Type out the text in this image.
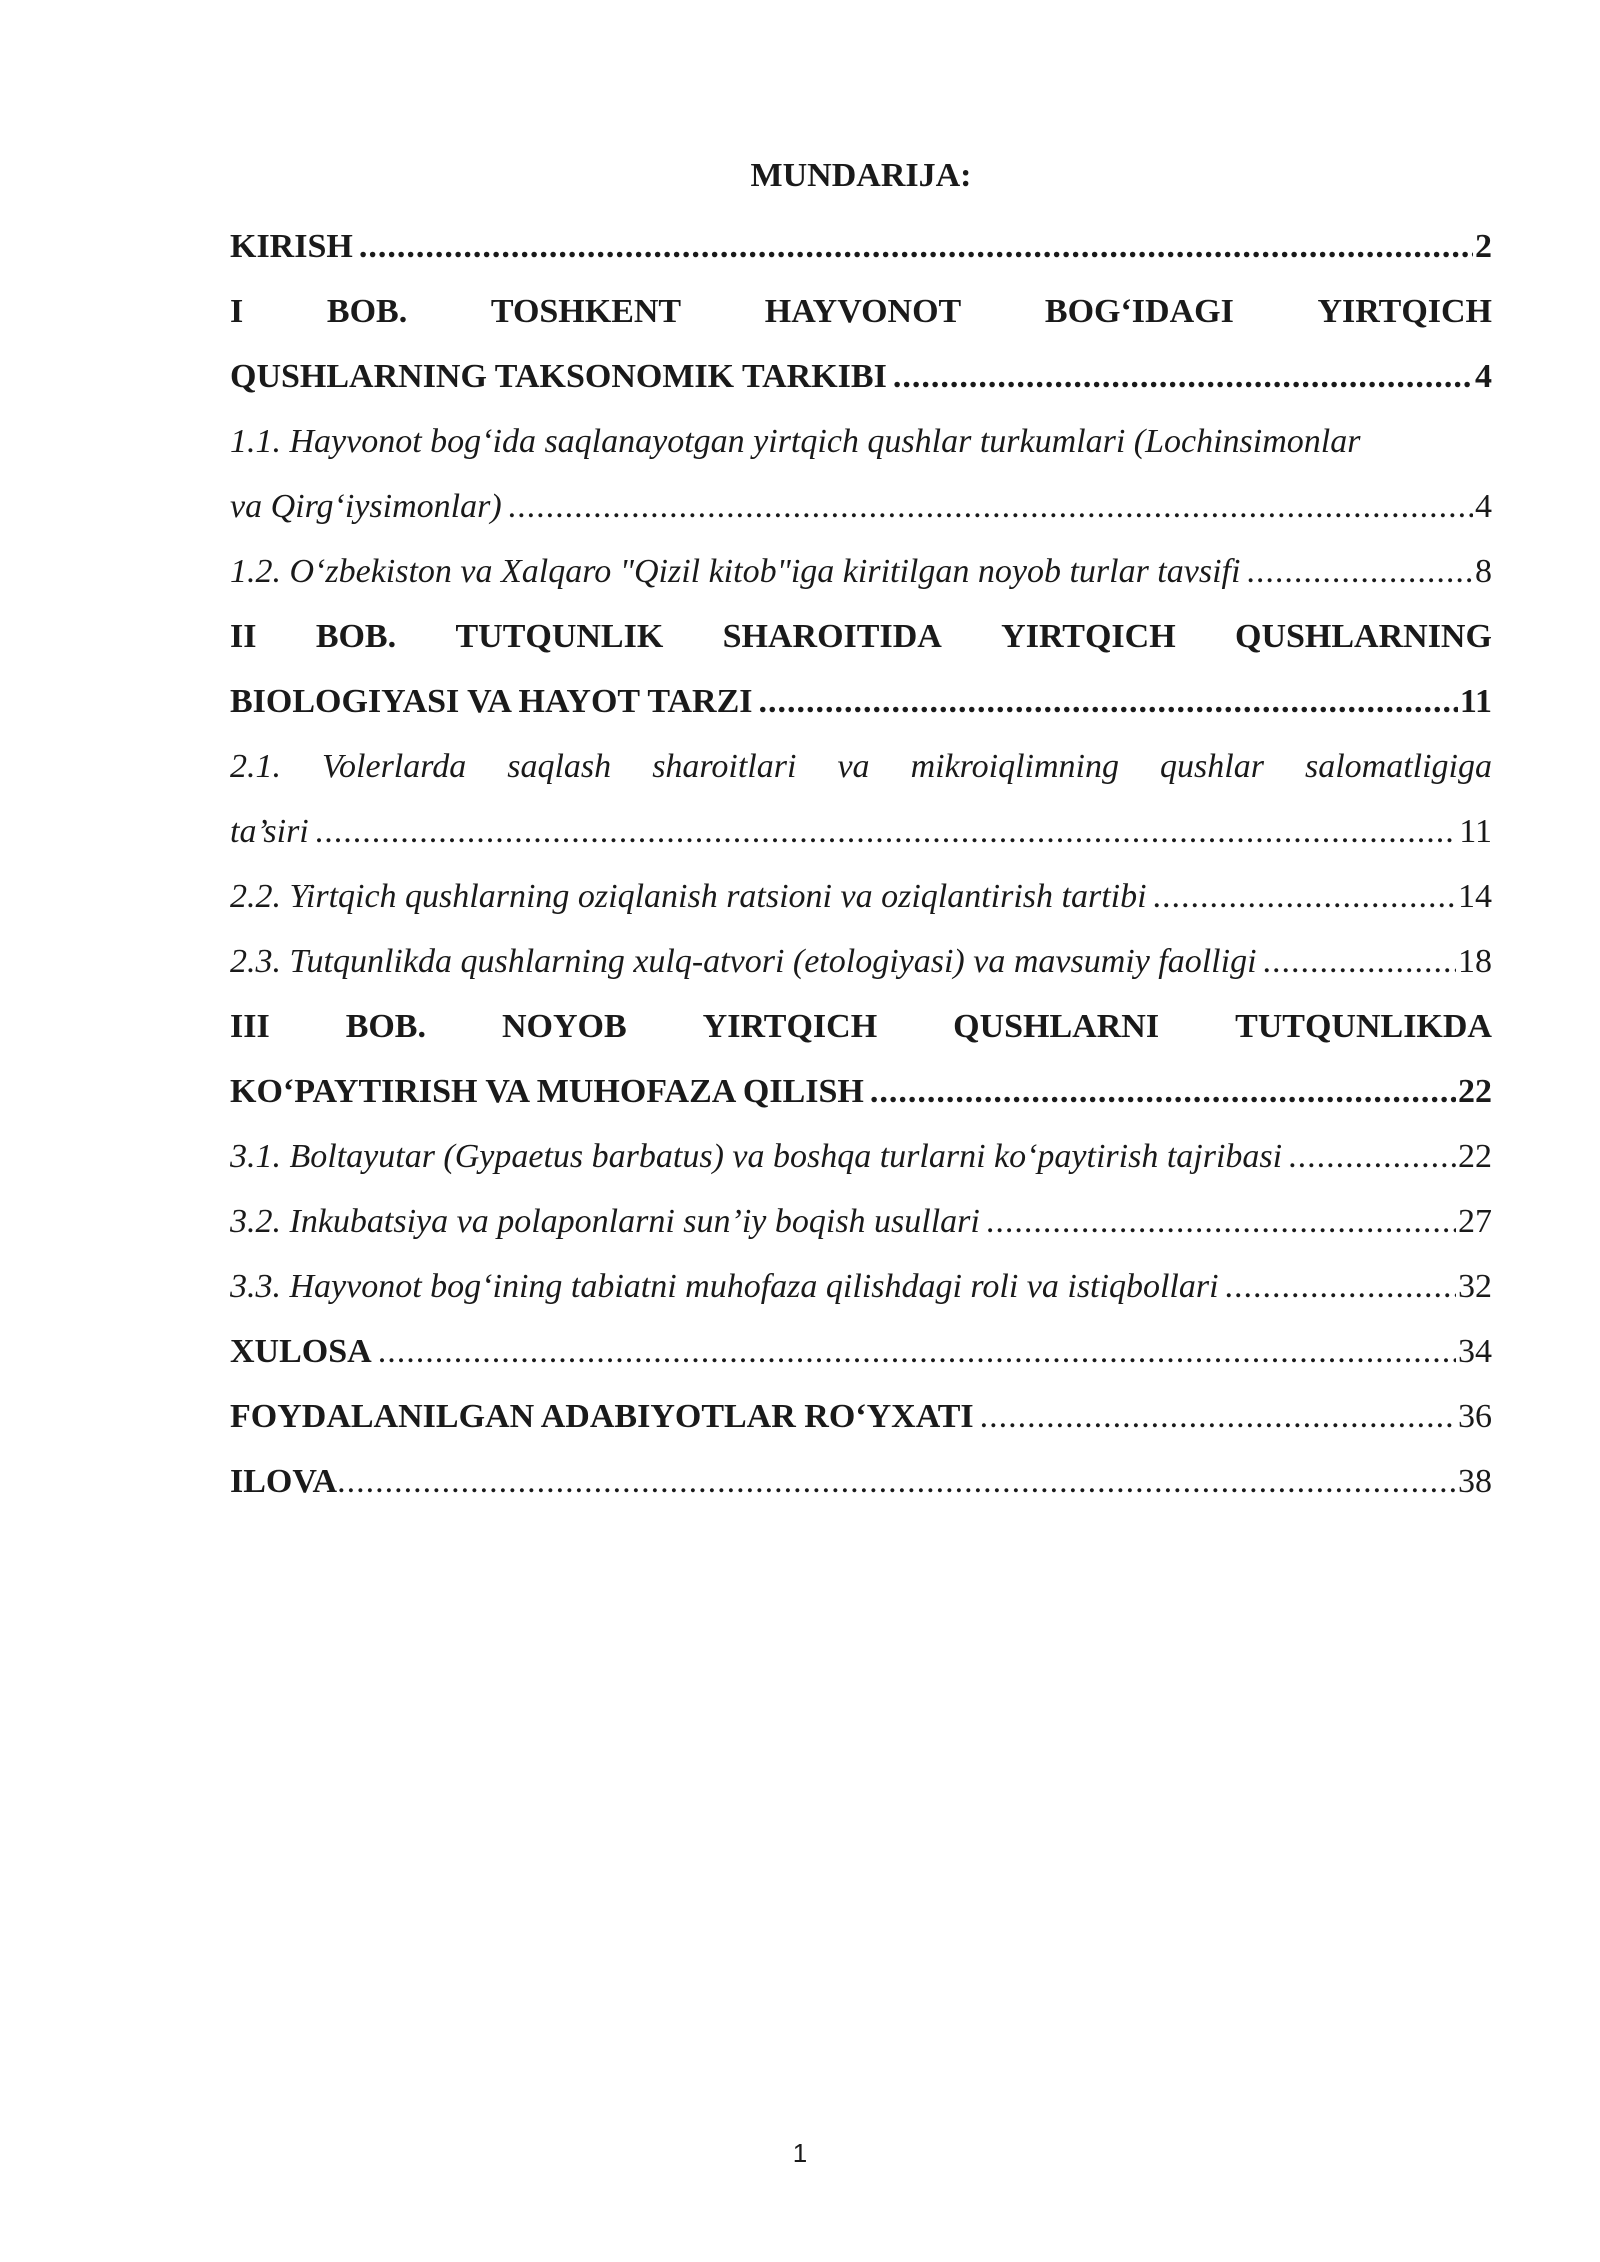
MUNDARIJA:
KIRISH .....	2
I BOB. TOSHKENT HAYVONOT BOG‘IDAGI YIRTQICH
QUSHLARNING TAKSONOMIK TARKIBI .....	4
1.1. Hayvonot bog‘ida saqlanayotgan yirtqich qushlar turkumlari (Lochinsimonlar
va Qirg‘iysimonlar) .....	4
1.2. O‘zbekiston va Xalqaro "Qizil kitob"iga kiritilgan noyob turlar tavsifi .....	8
II BOB. TUTQUNLIK SHAROITIDA YIRTQICH QUSHLARNING
BIOLOGIYASI VA HAYOT TARZI .....	11
2.1. Volerlarda saqlash sharoitlari va mikroiqlimning qushlar salomatligiga
ta’siri .....	11
2.2. Yirtqich qushlarning oziqlanish ratsioni va oziqlantirish tartibi .....	14
2.3. Tutqunlikda qushlarning xulq-atvori (etologiyasi) va mavsumiy faolligi .....	18
III BOB. NOYOB YIRTQICH QUSHLARNI TUTQUNLIKDA
KO‘PAYTIRISH VA MUHOFAZA QILISH .....	22
3.1. Boltayutar (Gypaetus barbatus) va boshqa turlarni ko‘paytirish tajribasi .....	22
3.2. Inkubatsiya va polaponlarni sun’iy boqish usullari .....	27
3.3. Hayvonot bog‘ining tabiatni muhofaza qilishdagi roli va istiqbollari .....	32
XULOSA .....	34
FOYDALANILGAN ADABIYOTLAR RO‘YXATI .....	36
ILOVA .....	38
1
